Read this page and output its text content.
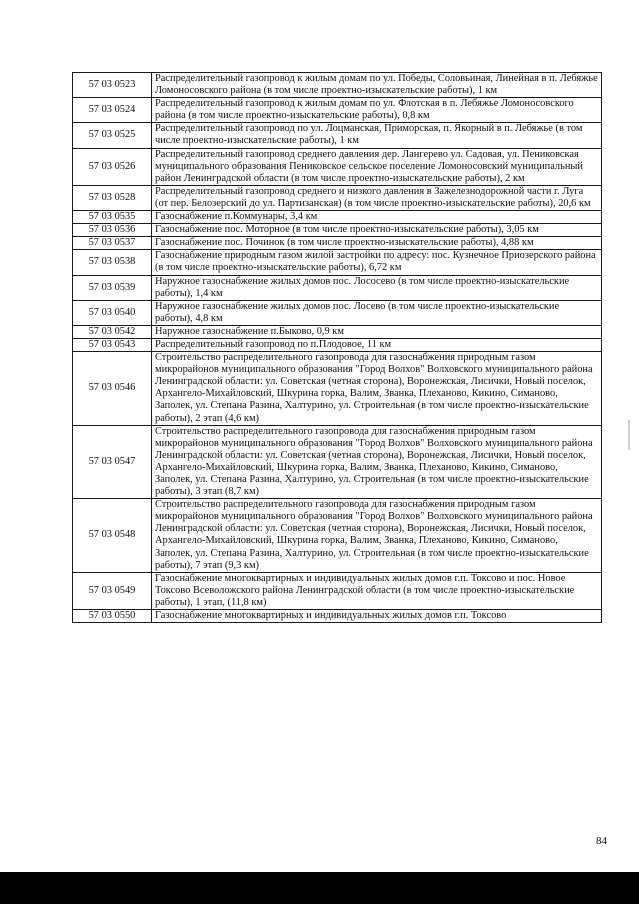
57 03 0523	Распределительный газопровод к жилым домам по ул. Победы, Соловьиная, Линейная в п. Лебяжье Ломоносовского района (в том числе проектно-изыскательские работы), 1 км
57 03 0524	Распределительный газопровод к жилым домам по ул. Флотская в п. Лебяжье Ломоносовского района (в том числе проектно-изыскательские работы), 0,8 км
57 03 0525	Распределительный газопровод по ул. Лоцманская, Приморская, п. Якорный в п. Лебяжье (в том числе проектно-изыскательские работы), 1 км
57 03 0526	Распределительный газопровод среднего давления дер. Лангерево ул. Садовая, ул. Пениковская муниципального образования Пениковское сельское поселение Ломоносовский муниципальный район Ленинградской области (в том числе проектно-изыскательские работы), 2 км
57 03 0528	Распределительный газопровод среднего и низкого давления в Зажелезнодорожной части г. Луга (от пер. Белозерский до ул. Партизанская) (в том числе проектно-изыскательские работы), 20,6 км
57 03 0535	Газоснабжение п.Коммунары, 3,4 км
57 03 0536	Газоснабжение пос. Моторное (в том числе проектно-изыскательские работы), 3,05 км
57 03 0537	Газоснабжение пос. Починок (в том числе проектно-изыскательские работы), 4,88 км
57 03 0538	Газоснабжение природным газом жилой застройки по адресу: пос. Кузнечное Приозерского района (в том числе проектно-изыскательские работы), 6,72 км
57 03 0539	Наружное газоснабжение жилых домов пос. Лососево (в том числе проектно-изыскательские работы), 1,4 км
57 03 0540	Наружное газоснабжение жилых домов пос. Лосево (в том числе проектно-изыскательские работы), 4,8 км
57 03 0542	Наружное газоснабжение п.Быково, 0,9 км
57 03 0543	Распределительный газопровод по п.Плодовое, 11 км
57 03 0546	Строительство распределительного газопровода для газоснабжения природным газом микрорайонов муниципального образования "Город Волхов" Волховского муниципального района Ленинградской области: ул. Советская (четная сторона), Воронежская, Лисички, Новый поселок, Архангело-Михайловский, Шкурина горка, Валим, Званка, Плеханово, Кикино, Симаново, Заполек, ул. Степана Разина, Халтурино, ул. Строительная (в том числе проектно-изыскательские работы), 2 этап (4,6 км)
57 03 0547	Строительство распределительного газопровода для газоснабжения природным газом микрорайонов муниципального образования "Город Волхов" Волховского муниципального района Ленинградской области: ул. Советская (четная сторона), Воронежская, Лисички, Новый поселок, Архангело-Михайловский, Шкурина горка, Валим, Званка, Плеханово, Кикино, Симаново, Заполек, ул. Степана Разина, Халтурино, ул. Строительная (в том числе проектно-изыскательские работы), 3 этап (8,7 км)
57 03 0548	Строительство распределительного газопровода для газоснабжения природным газом микрорайонов муниципального образования "Город Волхов" Волховского муниципального района Ленинградской области: ул. Советская (четная сторона), Воронежская, Лисички, Новый поселок, Архангело-Михайловский, Шкурина горка, Валим, Званка, Плеханово, Кикино, Симаново, Заполек, ул. Степана Разина, Халтурино, ул. Строительная (в том числе проектно-изыскательские работы), 7 этап (9,3 км)
57 03 0549	Газоснабжение многоквартирных и индивидуальных жилых домов г.п. Токсово и пос. Новое Токсово Всеволожского района Ленинградской области (в том числе проектно-изыскательские работы), 1 этап, (11,8 км)
57 03 0550	Газоснабжение многоквартирных и индивидуальных жилых домов г.п. Токсово
84
